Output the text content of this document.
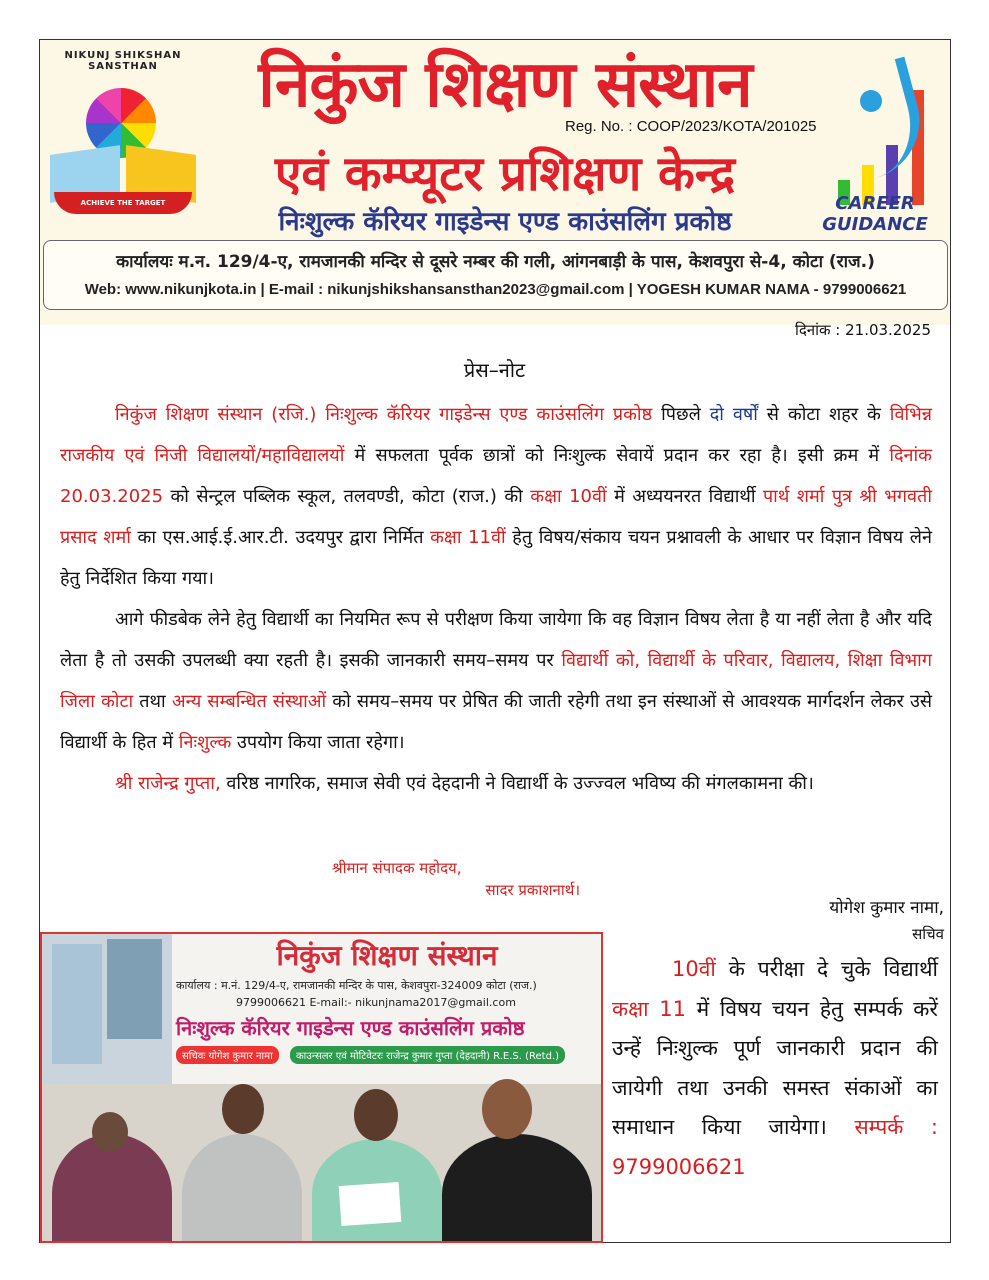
NIKUNJ SHIKSHAN SANSTHAN
ACHIEVE THE TARGET
निकुंज शिक्षण संस्थान
Reg. No. : COOP/2023/KOTA/201025
एवं कम्प्यूटर प्रशिक्षण केन्द्र
निःशुल्क कॅरियर गाइडेन्स एण्ड काउंसलिंग प्रकोष्ठ
CAREER GUIDANCE
कार्यालयः म.न. 129/4-ए, रामजानकी मन्दिर से दूसरे नम्बर की गली, आंगनबाड़ी के पास, केशवपुरा से-4, कोटा (राज.)
Web: www.nikunjkota.in | E-mail : nikunjshikshansansthan2023@gmail.com | YOGESH KUMAR NAMA - 9799006621
दिनांक : 21.03.2025
प्रेस–नोट

निकुंज शिक्षण संस्थान (रजि.) निःशुल्क कॅरियर गाइडेन्स एण्ड काउंसलिंग प्रकोष्ठ पिछले दो वर्षों से कोटा शहर के विभिन्न राजकीय एवं निजी विद्यालयों/महाविद्यालयों में सफलता पूर्वक छात्रों को निःशुल्क सेवायें प्रदान कर रहा है। इसी क्रम में दिनांक 20.03.2025 को सेन्ट्रल पब्लिक स्कूल, तलवण्डी, कोटा (राज.) की कक्षा 10वीं में अध्ययनरत विद्यार्थी पार्थ शर्मा पुत्र श्री भगवती प्रसाद शर्मा का एस.आई.ई.आर.टी. उदयपुर द्वारा निर्मित कक्षा 11वीं हेतु विषय/संकाय चयन प्रश्नावली के आधार पर विज्ञान विषय लेने हेतु निर्देशित किया गया।

आगे फीडबेक लेने हेतु विद्यार्थी का नियमित रूप से परीक्षण किया जायेगा कि वह विज्ञान विषय लेता है या नहीं लेता है और यदि लेता है तो उसकी उपलब्धी क्या रहती है। इसकी जानकारी समय–समय पर विद्यार्थी को, विद्यार्थी के परिवार, विद्यालय, शिक्षा विभाग जिला कोटा तथा अन्य सम्बन्धित संस्थाओं को समय–समय पर प्रेषित की जाती रहेगी तथा इन संस्थाओं से आवश्यक मार्गदर्शन लेकर उसे विद्यार्थी के हित में निःशुल्क उपयोग किया जाता रहेगा।

श्री राजेन्द्र गुप्ता, वरिष्ठ नागरिक, समाज सेवी एवं देहदानी ने विद्यार्थी के उज्ज्वल भविष्य की मंगलकामना की।

श्रीमान संपादक महोदय,
सादर प्रकाशनार्थ।
योगेश कुमार नामा,
सचिव
निकुंज शिक्षण संस्थान
कार्यालय : म.नं. 129/4-ए, रामजानकी मन्दिर के पास, केशवपुरा-324009 कोटा (राज.)
9799006621 E-mail:- nikunjnama2017@gmail.com
निःशुल्क कॅरियर गाइडेन्स एण्ड काउंसलिंग प्रकोष्ठ
सचिवः योगेश कुमार नामा	काउन्सलर एवं मोटिवेटरः राजेन्द्र कुमार गुप्ता (देहदानी) R.E.S. (Retd.)
10वीं के परीक्षा दे चुके विद्यार्थी कक्षा 11 में विषय चयन हेतु सम्पर्क करें उन्हें निःशुल्क पूर्ण जानकारी प्रदान की जायेगी तथा उनकी समस्त संकाओं का समाधान किया जायेगा। सम्पर्क : 9799006621
